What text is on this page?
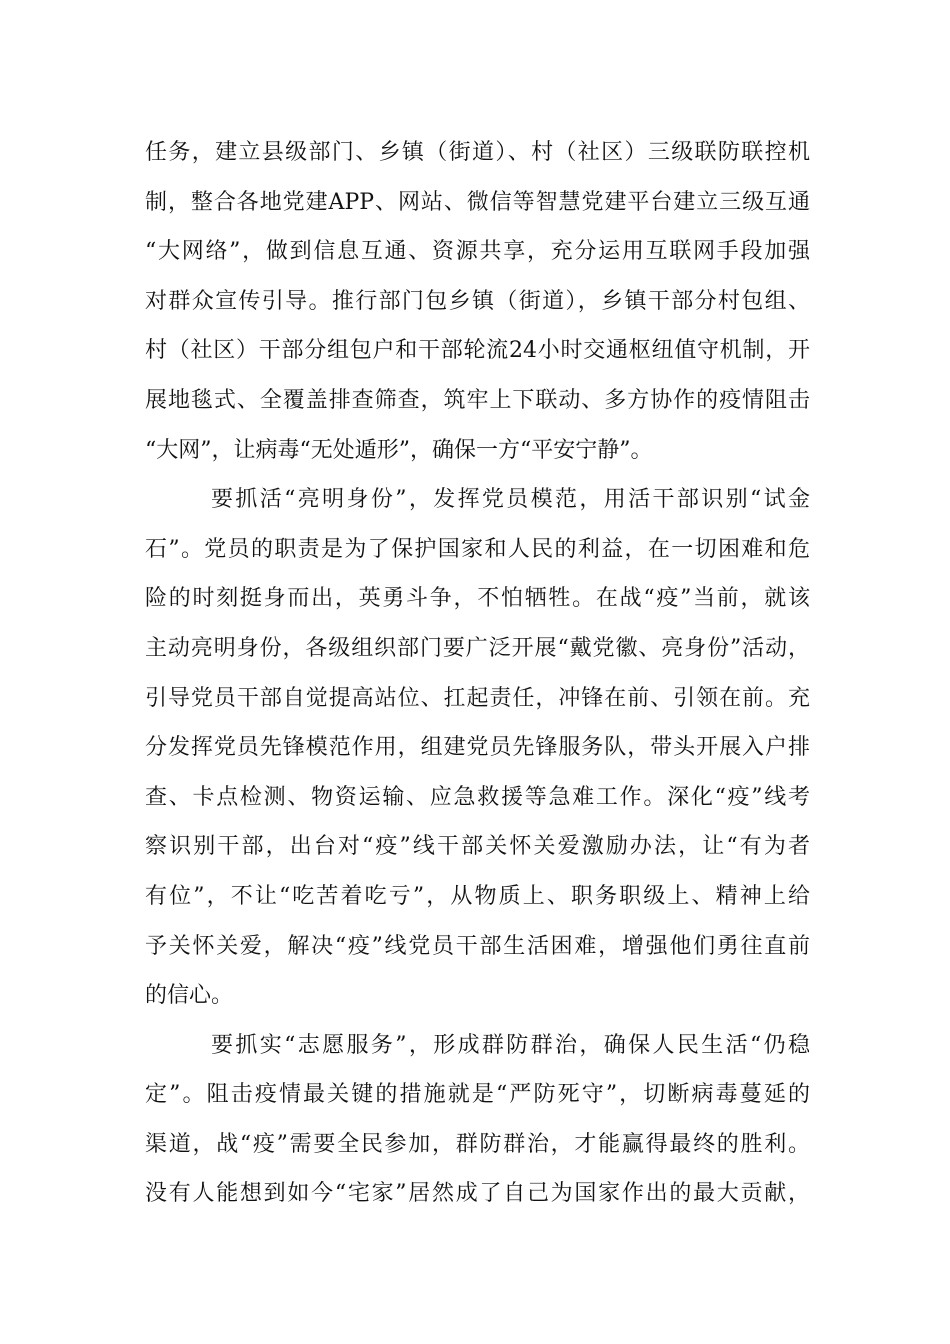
任务，建立县级部门、乡镇（街道）、村（社区）三级联防联控机
制，整合各地党建APP、网站、微信等智慧党建平台建立三级互通
“大网络”，做到信息互通、资源共享，充分运用互联网手段加强
对群众宣传引导。推行部门包乡镇（街道），乡镇干部分村包组、
村（社区）干部分组包户和干部轮流24小时交通枢纽值守机制，开
展地毯式、全覆盖排查筛查，筑牢上下联动、多方协作的疫情阻击
“大网”，让病毒“无处遁形”，确保一方“平安宁静”。
要抓活“亮明身份”，发挥党员模范，用活干部识别“试金
石”。党员的职责是为了保护国家和人民的利益，在一切困难和危
险的时刻挺身而出，英勇斗争，不怕牺牲。在战“疫”当前，就该
主动亮明身份，各级组织部门要广泛开展“戴党徽、亮身份”活动，
引导党员干部自觉提高站位、扛起责任，冲锋在前、引领在前。充
分发挥党员先锋模范作用，组建党员先锋服务队，带头开展入户排
查、卡点检测、物资运输、应急救援等急难工作。深化“疫”线考
察识别干部，出台对“疫”线干部关怀关爱激励办法，让“有为者
有位”，不让“吃苦着吃亏”，从物质上、职务职级上、精神上给
予关怀关爱，解决“疫”线党员干部生活困难，增强他们勇往直前
的信心。
要抓实“志愿服务”，形成群防群治，确保人民生活“仍稳
定”。阻击疫情最关键的措施就是“严防死守”，切断病毒蔓延的
渠道，战“疫”需要全民参加，群防群治，才能赢得最终的胜利。
没有人能想到如今“宅家”居然成了自己为国家作出的最大贡献，
